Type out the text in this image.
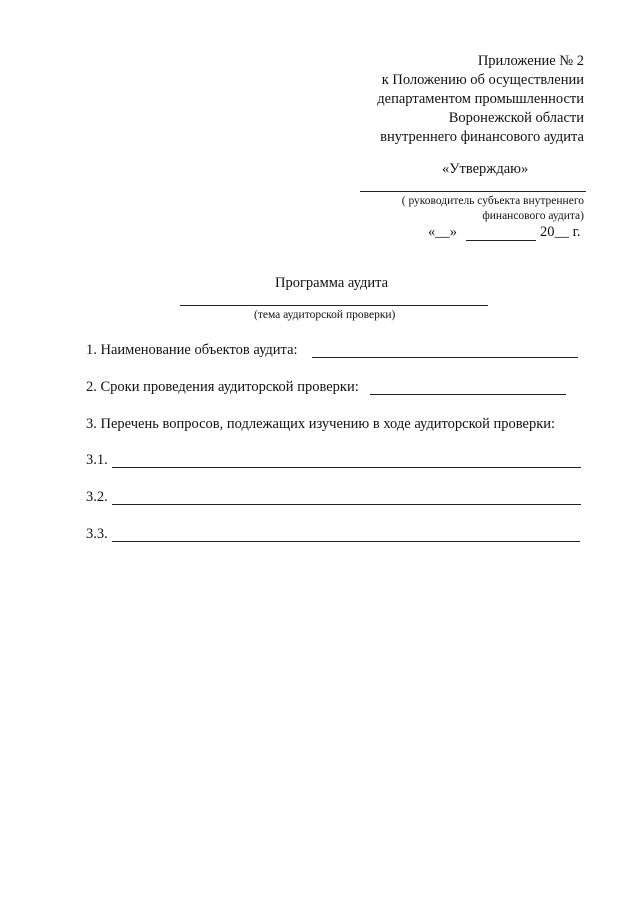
Приложение № 2
к Положению об осуществлении
департаментом промышленности
Воронежской области
внутреннего финансового аудита
«Утверждаю»
( руководитель субъекта внутреннего
финансового аудита)
«__»	20__ г.
Программа аудита
(тема аудиторской проверки)
1. Наименование объектов аудита:
2. Сроки проведения аудиторской проверки:
3. Перечень вопросов, подлежащих изучению в ходе аудиторской проверки:
3.1.
3.2.
3.3.
